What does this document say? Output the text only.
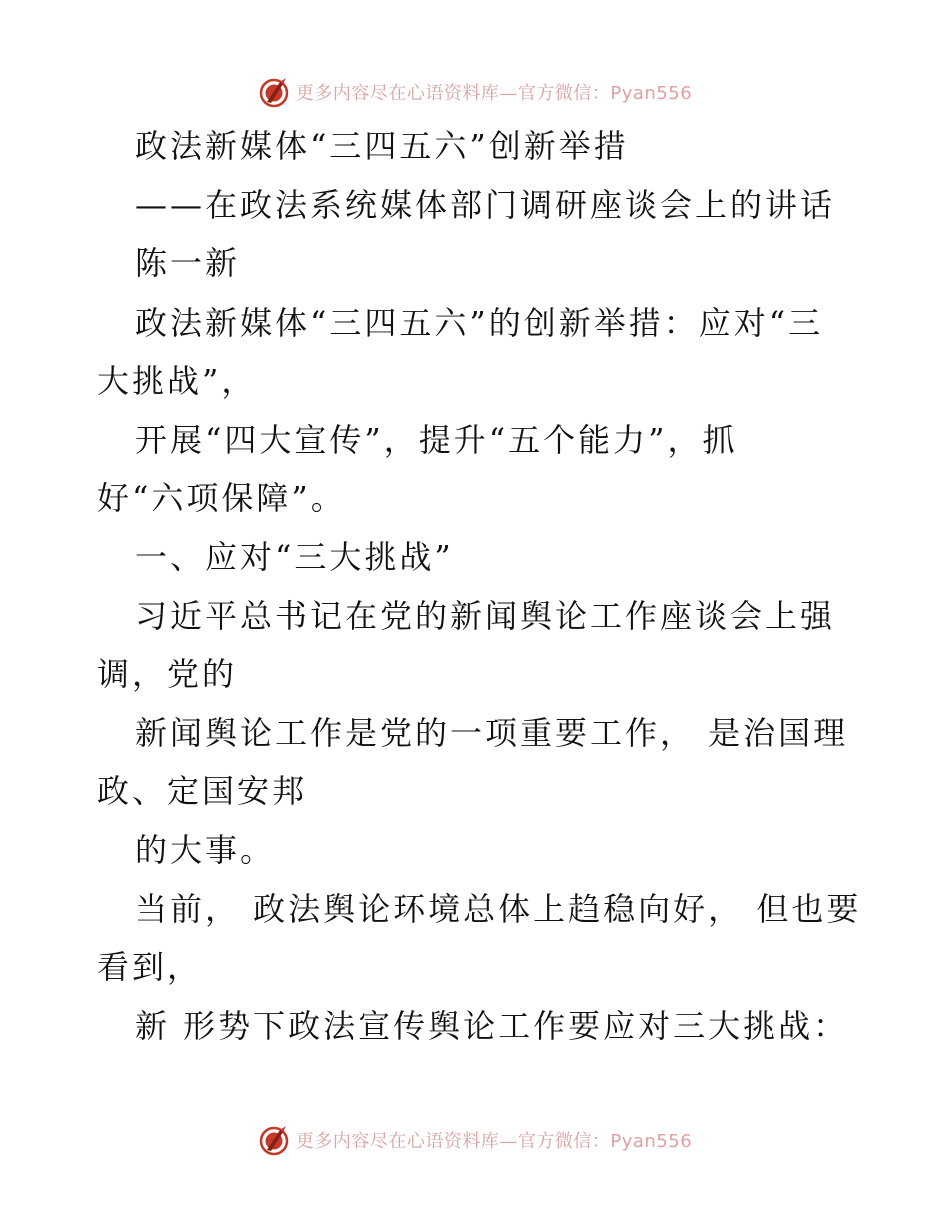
更多内容尽在心语资料库—官方微信：Pyan556
政法新媒体“三四五六”创新举措
——在政法系统媒体部门调研座谈会上的讲话
陈一新
政法新媒体“三四五六”的创新举措：应对“三
大挑战”，
开展“四大宣传”，提升“五个能力”，抓
好“六项保障”。
一、应对“三大挑战”
习近平总书记在党的新闻舆论工作座谈会上强
调，党的
新闻舆论工作是党的一项重要工作， 是治国理
政、定国安邦
的大事。
当前， 政法舆论环境总体上趋稳向好， 但也要
看到，
新 形势下政法宣传舆论工作要应对三大挑战：
更多内容尽在心语资料库—官方微信：Pyan556
